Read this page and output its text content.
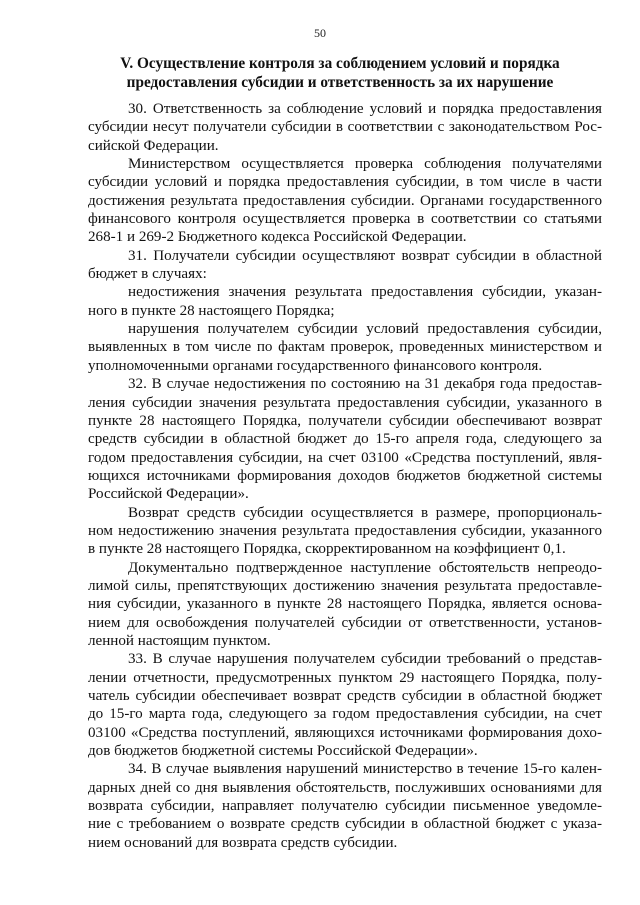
50
V. Осуществление контроля за соблюдением условий и порядка
предоставления субсидии и ответственность за их нарушение

30. Ответственность за соблюдение условий и порядка предоставления
субсидии несут получатели субсидии в соответствии с законодательством Рос-
сийской Федерации.

Министерством осуществляется проверка соблюдения получателями
субсидии условий и порядка предоставления субсидии, в том числе в части
достижения результата предоставления субсидии. Органами государственного
финансового контроля осуществляется проверка в соответствии со статьями
268-1 и 269-2 Бюджетного кодекса Российской Федерации.

31. Получатели субсидии осуществляют возврат субсидии в областной
бюджет в случаях:

недостижения значения результата предоставления субсидии, указан-
ного в пункте 28 настоящего Порядка;

нарушения получателем субсидии условий предоставления субсидии,
выявленных в том числе по фактам проверок, проведенных министерством и
уполномоченными органами государственного финансового контроля.

32. В случае недостижения по состоянию на 31 декабря года предостав-
ления субсидии значения результата предоставления субсидии, указанного в
пункте 28 настоящего Порядка, получатели субсидии обеспечивают возврат
средств субсидии в областной бюджет до 15-го апреля года, следующего за
годом предоставления субсидии, на счет 03100 «Средства поступлений, явля-
ющихся источниками формирования доходов бюджетов бюджетной системы
Российской Федерации».

Возврат средств субсидии осуществляется в размере, пропорциональ-
ном недостижению значения результата предоставления субсидии, указанного
в пункте 28 настоящего Порядка, скорректированном на коэффициент 0,1.

Документально подтвержденное наступление обстоятельств непреодо-
лимой силы, препятствующих достижению значения результата предоставле-
ния субсидии, указанного в пункте 28 настоящего Порядка, является основа-
нием для освобождения получателей субсидии от ответственности, установ-
ленной настоящим пунктом.

33. В случае нарушения получателем субсидии требований о представ-
лении отчетности, предусмотренных пунктом 29 настоящего Порядка, полу-
чатель субсидии обеспечивает возврат средств субсидии в областной бюджет
до 15-го марта года, следующего за годом предоставления субсидии, на счет
03100 «Средства поступлений, являющихся источниками формирования дохо-
дов бюджетов бюджетной системы Российской Федерации».

34. В случае выявления нарушений министерство в течение 15-го кален-
дарных дней со дня выявления обстоятельств, послуживших основаниями для
возврата субсидии, направляет получателю субсидии письменное уведомле-
ние с требованием о возврате средств субсидии в областной бюджет с указа-
нием оснований для возврата средств субсидии.
